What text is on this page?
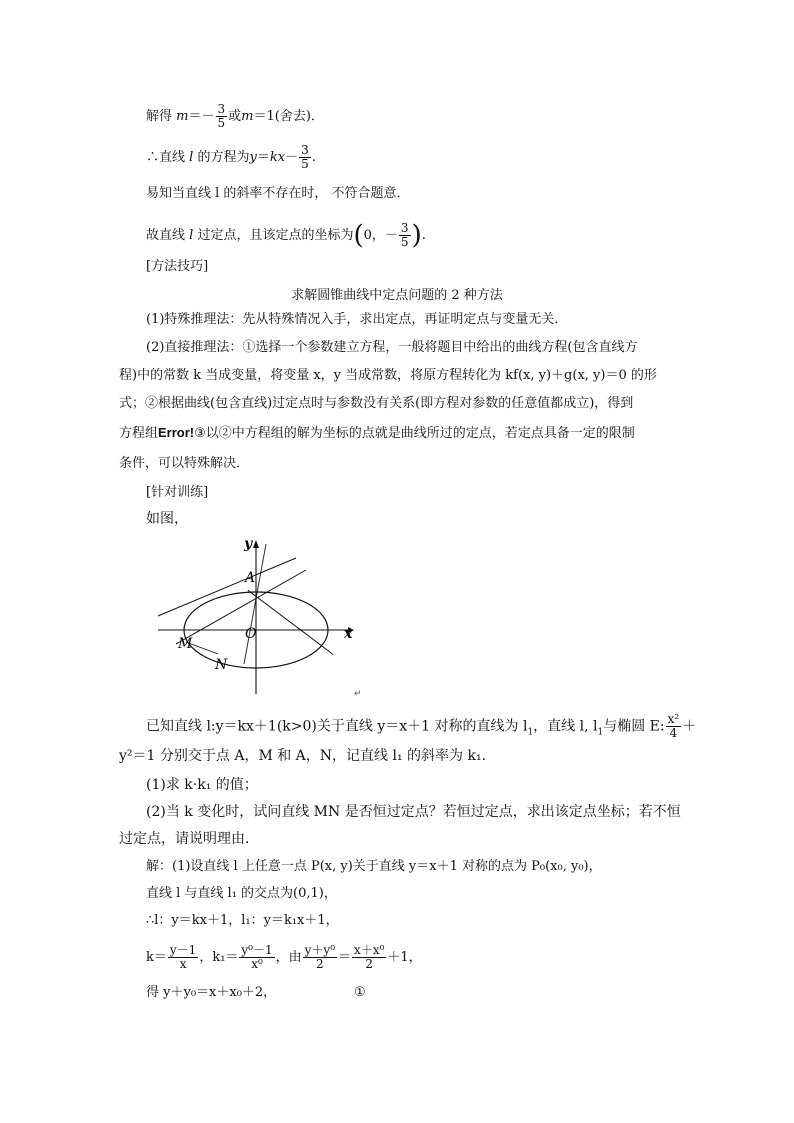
解得 $m=- \frac{3}{5}$ 或m＝1(舍去)．
∴直线 l 的方程为$y=kx- \frac{3}{5}$ .
易知当直线 l 的斜率不存在时， 不符合题意．
故直线 l 过定点，且该定点的坐标为(0，－ $\frac{3}{5}$ ).
[方法技巧]
求解圆锥曲线中定点问题的 2 种方法
(1)特殊推理法：先从特殊情况入手，求出定点，再证明定点与变量无关．
(2)直接推理法：①选择一个参数建立方程，一般将题目中给出的曲线方程(包含直线方
程)中的常数 k 当成变量，将变量 x，y 当成常数，将原方程转化为 kf(x, y)＋g(x, y)＝0 的形
式；②根据曲线(包含直线)过定点时与参数没有关系(即方程对参数的任意值都成立)，得到
方程组Error!③以②中方程组的解为坐标的点就是曲线所过的定点，若定点具备一定的限制
条件，可以特殊解决．
[针对训练]
如图，
A
y
x
O
M
N
↵
已知直线 l:y＝kx＋1(k>0)关于直线 y＝x＋1 对称的直线为 $l_1$，直线 l, $l_1$与椭圆 E: $\frac{\text{x²}}{4}$ ＋
y²＝1 分别交于点 A，M 和 A，N，记直线 l₁ 的斜率为 k₁.
(1)求 k·k₁ 的值；
(2)当 k 变化时，试问直线 MN 是否恒过定点？若恒过定点，求出该定点坐标；若不恒
过定点，请说明理由．
解：(1)设直线 l 上任意一点 P(x, y)关于直线 y＝x＋1 对称的点为 P₀(x₀, y₀)，
直线 l 与直线 l₁ 的交点为(0,1)，
∴l：y＝kx＋1，l₁：y＝k₁x＋1，
$k= \frac{y-1}{x}$ ，$k_1= \frac{\text{y⁰－1}}{\text{x⁰}}$ ，由 $\frac{\text{y＋y⁰}}{2} = \frac{\text{x＋x⁰}}{2} +1$，
得 y＋y₀＝x＋x₀＋2，	①
